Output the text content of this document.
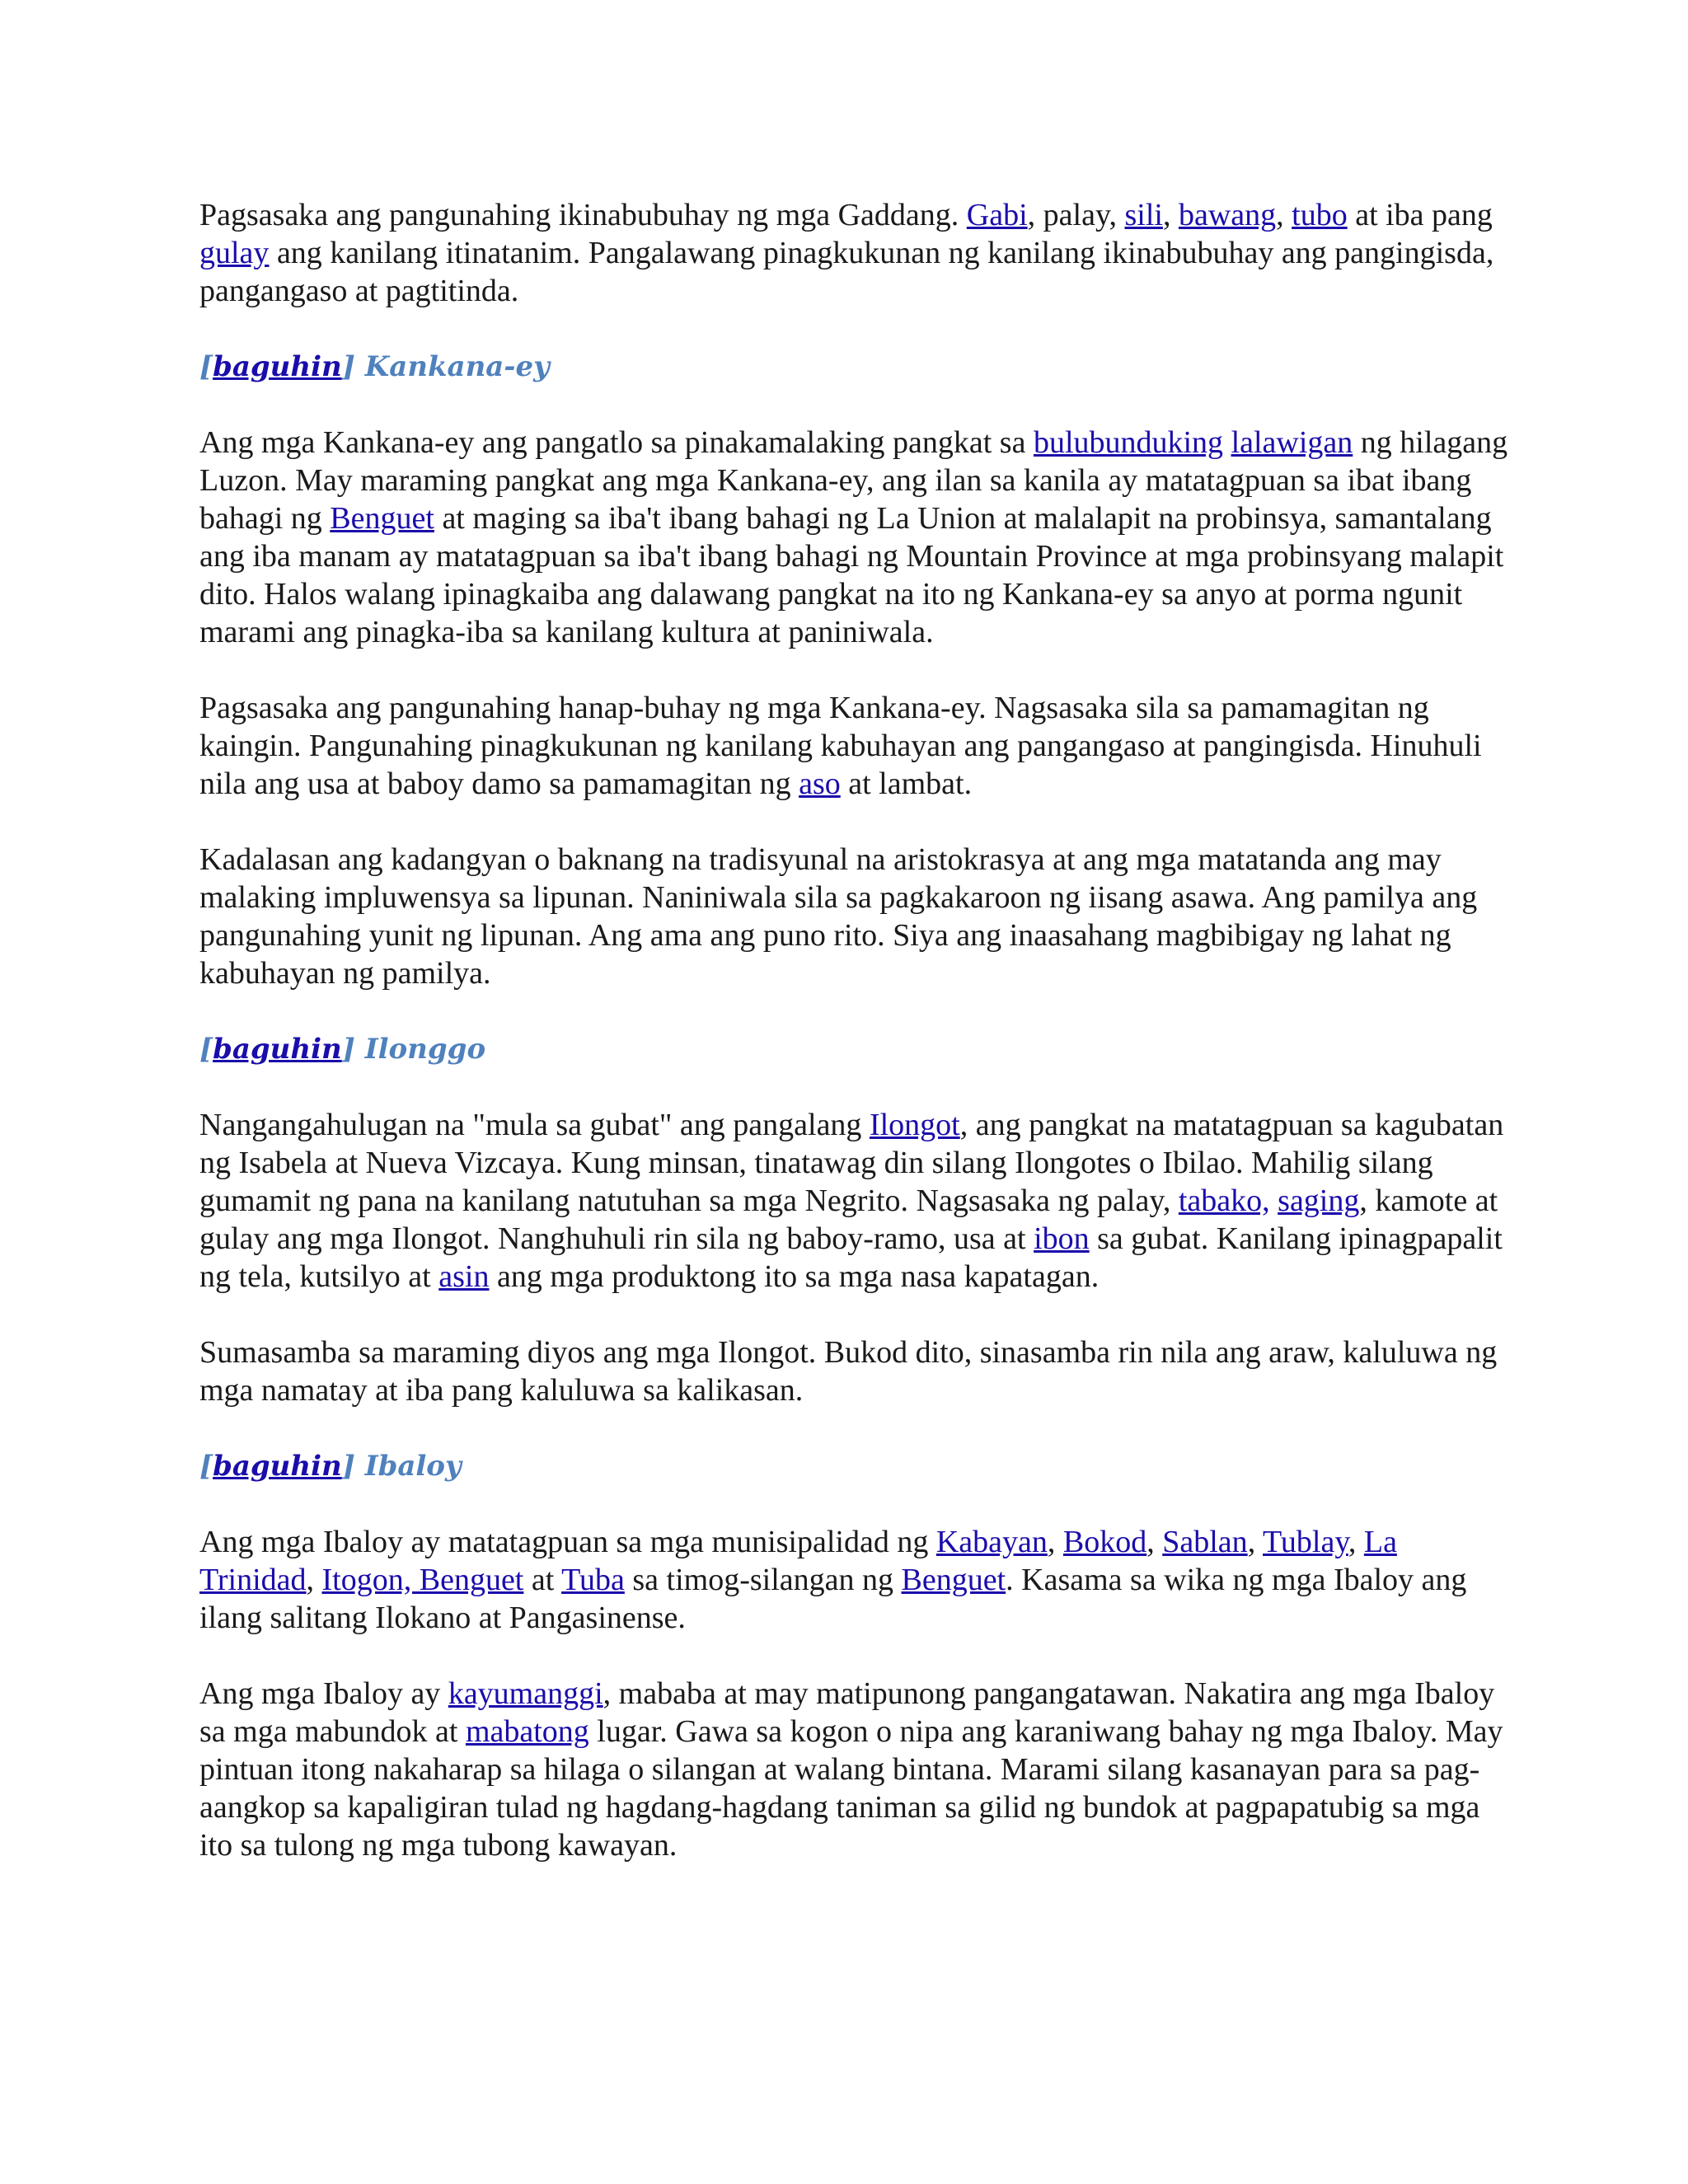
Pagsasaka ang pangunahing ikinabubuhay ng mga Gaddang. Gabi, palay, sili, bawang, tubo at iba pang gulay ang kanilang itinatanim. Pangalawang pinagkukunan ng kanilang ikinabubuhay ang pangingisda, pangangaso at pagtitinda.

[baguhin] Kankana-ey

Ang mga Kankana-ey ang pangatlo sa pinakamalaking pangkat sa bulubunduking lalawigan ng hilagang Luzon. May maraming pangkat ang mga Kankana-ey, ang ilan sa kanila ay matatagpuan sa ibat ibang bahagi ng Benguet at maging sa iba't ibang bahagi ng La Union at malalapit na probinsya, samantalang ang iba manam ay matatagpuan sa iba't ibang bahagi ng Mountain Province at mga probinsyang malapit dito. Halos walang ipinagkaiba ang dalawang pangkat na ito ng Kankana-ey sa anyo at porma ngunit marami ang pinagka-iba sa kanilang kultura at paniniwala.

Pagsasaka ang pangunahing hanap-buhay ng mga Kankana-ey. Nagsasaka sila sa pamamagitan ng kaingin. Pangunahing pinagkukunan ng kanilang kabuhayan ang pangangaso at pangingisda. Hinuhuli nila ang usa at baboy damo sa pamamagitan ng aso at lambat.

Kadalasan ang kadangyan o baknang na tradisyunal na aristokrasya at ang mga matatanda ang may malaking impluwensya sa lipunan. Naniniwala sila sa pagkakaroon ng iisang asawa. Ang pamilya ang pangunahing yunit ng lipunan. Ang ama ang puno rito. Siya ang inaasahang magbibigay ng lahat ng kabuhayan ng pamilya.

[baguhin] Ilonggo

Nangangahulugan na "mula sa gubat" ang pangalang Ilongot, ang pangkat na matatagpuan sa kagubatan ng Isabela at Nueva Vizcaya. Kung minsan, tinatawag din silang Ilongotes o Ibilao. Mahilig silang gumamit ng pana na kanilang natutuhan sa mga Negrito. Nagsasaka ng palay, tabako, saging, kamote at gulay ang mga Ilongot. Nanghuhuli rin sila ng baboy-ramo, usa at ibon sa gubat. Kanilang ipinagpapalit ng tela, kutsilyo at asin ang mga produktong ito sa mga nasa kapatagan.

Sumasamba sa maraming diyos ang mga Ilongot. Bukod dito, sinasamba rin nila ang araw, kaluluwa ng mga namatay at iba pang kaluluwa sa kalikasan.

[baguhin] Ibaloy

Ang mga Ibaloy ay matatagpuan sa mga munisipalidad ng Kabayan, Bokod, Sablan, Tublay, La Trinidad, Itogon, Benguet at Tuba sa timog-silangan ng Benguet. Kasama sa wika ng mga Ibaloy ang ilang salitang Ilokano at Pangasinense.

Ang mga Ibaloy ay kayumanggi, mababa at may matipunong pangangatawan. Nakatira ang mga Ibaloy sa mga mabundok at mabatong lugar. Gawa sa kogon o nipa ang karaniwang bahay ng mga Ibaloy. May pintuan itong nakaharap sa hilaga o silangan at walang bintana. Marami silang kasanayan para sa pag-aangkop sa kapaligiran tulad ng hagdang-hagdang taniman sa gilid ng bundok at pagpapatubig sa mga ito sa tulong ng mga tubong kawayan.
